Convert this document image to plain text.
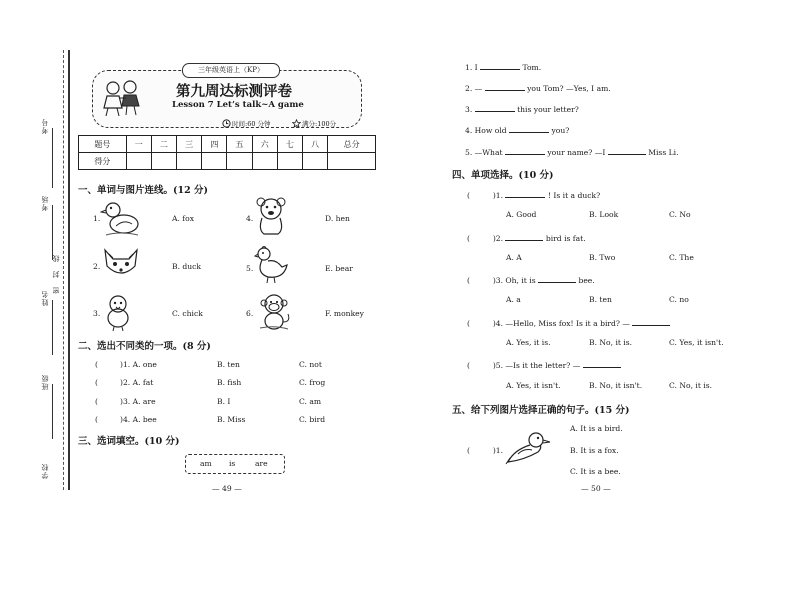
考号
考场
姓名 密
封
线
班级
学校
三年级英语上（KP）
第九周达标测评卷
Lesson 7 Let’s talk~A game
时间:60 分钟	满分:100分
题号	一	二	三	四	五	六	七	八	总分
得分									
一、单词与图片连线。(12 分)
1.	A. fox
2.	B. duck
3.	C. chick
4.	D. hen
5.	E. bear
6.	F. monkey
二、选出不同类的一项。(8 分)
(	)1. A. one	B. ten	C. not
(	)2. A. fat	B. fish	C. frog
(	)3. A. are	B. I	C. am
(	)4. A. bee	B. Miss	C. bird
三、选词填空。(10 分)
am is	are
— 49 —
1. I	Tom.
2. —	you Tom? —Yes, I am.
3.	this your letter?
4. How old	you?
5. —What	your name? —I	Miss Li.
四、单项选择。(10 分)
(	)1.	! Is it a duck?
A. Good	B. Look	C. No
(	)2.	bird is fat.
A. A	B. Two	C. The
(	)3. Oh, it is	bee.
A. a	B. ten	C. no
(	)4. —Hello, Miss fox! Is it a bird? —
A. Yes, it is.	B. No, it is.	C. Yes, it isn't.
(	)5. —Is it the letter? —
A. Yes, it isn't.	B. No, it isn't.	C. No, it is.
五、给下列图片选择正确的句子。(15 分)
(	)1.
A. It is a bird.
B. It is a fox.
C. It is a bee.
— 50 —
